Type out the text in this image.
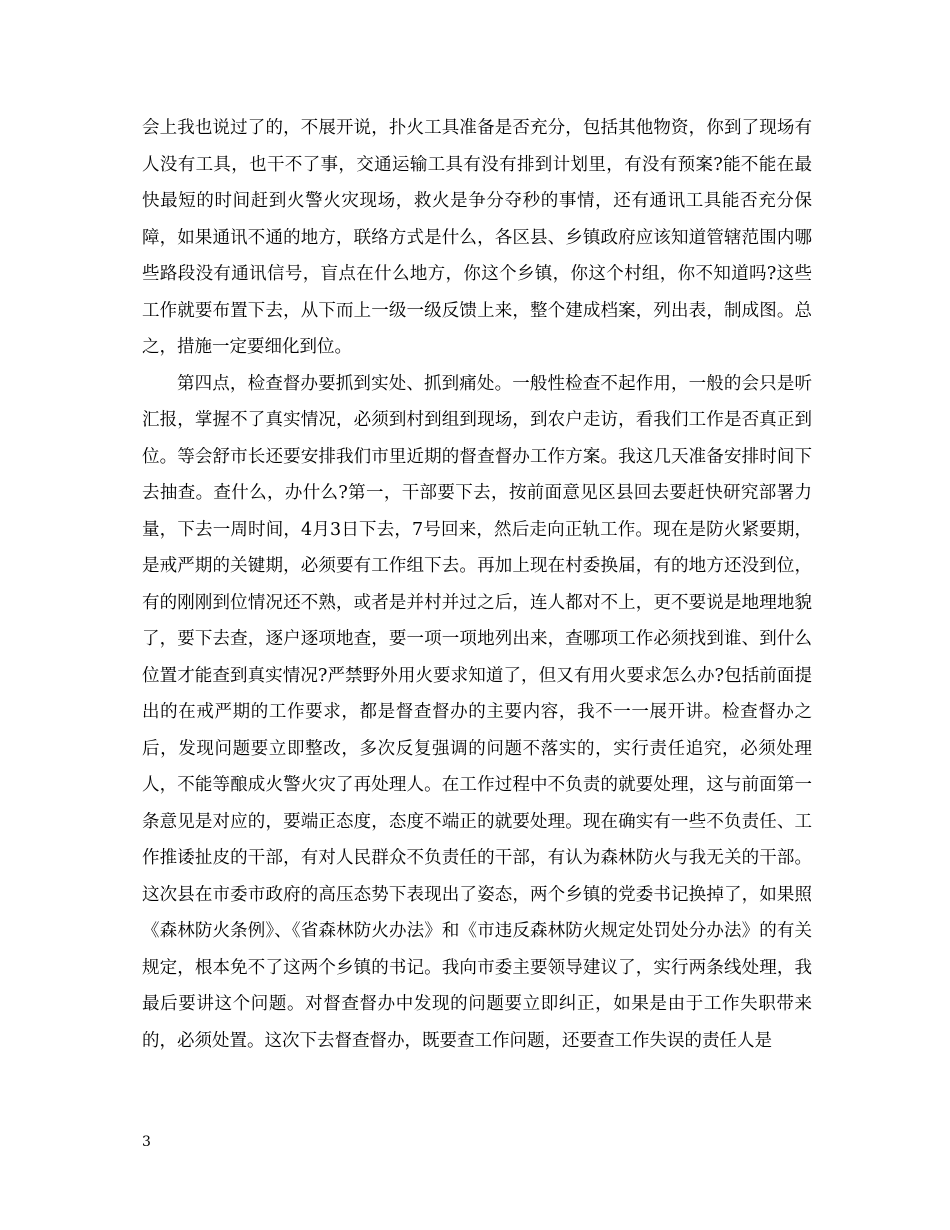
会上我也说过了的，不展开说，扑火工具准备是否充分，包括其他物资，你到了现场有人没有工具，也干不了事，交通运输工具有没有排到计划里，有没有预案?能不能在最快最短的时间赶到火警火灾现场，救火是争分夺秒的事情，还有通讯工具能否充分保障，如果通讯不通的地方，联络方式是什么，各区县、乡镇政府应该知道管辖范围内哪些路段没有通讯信号，盲点在什么地方，你这个乡镇，你这个村组，你不知道吗?这些工作就要布置下去，从下而上一级一级反馈上来，整个建成档案，列出表，制成图。总之，措施一定要细化到位。

第四点，检查督办要抓到实处、抓到痛处。一般性检查不起作用，一般的会只是听汇报，掌握不了真实情况，必须到村到组到现场，到农户走访，看我们工作是否真正到位。等会舒市长还要安排我们市里近期的督查督办工作方案。我这几天准备安排时间下去抽查。查什么，办什么?第一，干部要下去，按前面意见区县回去要赶快研究部署力量，下去一周时间，4月3日下去，7号回来，然后走向正轨工作。现在是防火紧要期，是戒严期的关键期，必须要有工作组下去。再加上现在村委换届，有的地方还没到位，有的刚刚到位情况还不熟，或者是并村并过之后，连人都对不上，更不要说是地理地貌了，要下去查，逐户逐项地查，要一项一项地列出来，查哪项工作必须找到谁、到什么位置才能查到真实情况?严禁野外用火要求知道了，但又有用火要求怎么办?包括前面提出的在戒严期的工作要求，都是督查督办的主要内容，我不一一展开讲。检查督办之后，发现问题要立即整改，多次反复强调的问题不落实的，实行责任追究，必须处理人，不能等酿成火警火灾了再处理人。在工作过程中不负责的就要处理，这与前面第一条意见是对应的，要端正态度，态度不端正的就要处理。现在确实有一些不负责任、工作推诿扯皮的干部，有对人民群众不负责任的干部，有认为森林防火与我无关的干部。这次县在市委市政府的高压态势下表现出了姿态，两个乡镇的党委书记换掉了，如果照《森林防火条例》、《省森林防火办法》和《市违反森林防火规定处罚处分办法》的有关规定，根本免不了这两个乡镇的书记。我向市委主要领导建议了，实行两条线处理，我最后要讲这个问题。对督查督办中发现的问题要立即纠正，如果是由于工作失职带来的，必须处置。这次下去督查督办，既要查工作问题，还要查工作失误的责任人是

3
